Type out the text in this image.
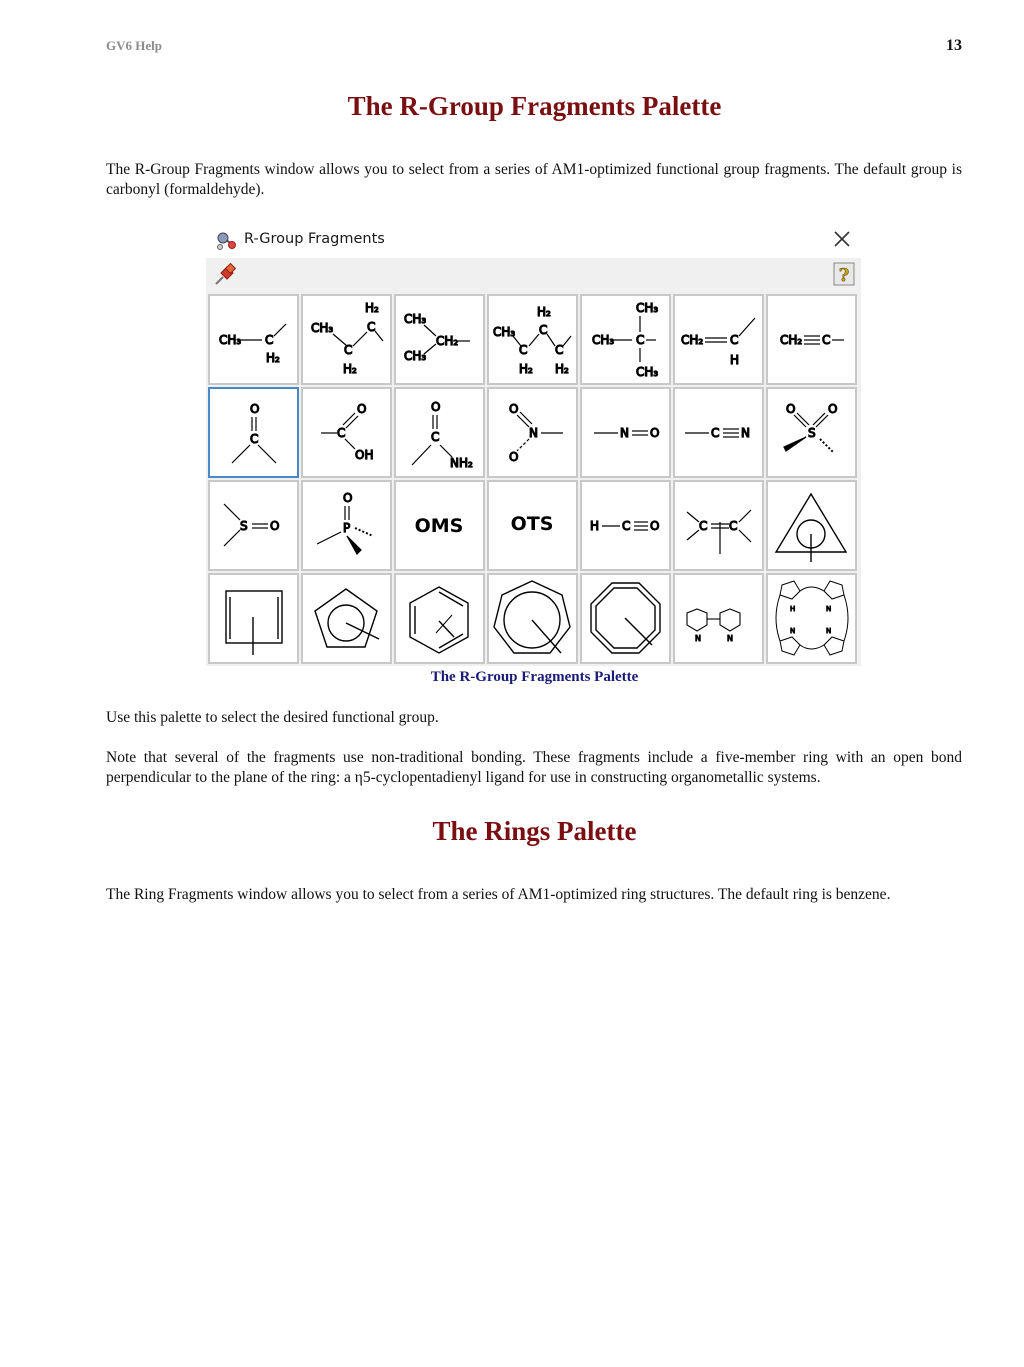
GV6 Help	13
The R-Group Fragments Palette

The R-Group Fragments window allows you to select from a series of AM1-optimized functional group fragments. The default group is carbonyl (formaldehyde).

R-Group Fragments
?
CH₃ C
H₂
H₂
CH₃	C
C
H₂
CH₃
CH₂
CH₃
H₂
CH₃ C
C C
H₂ H₂
CH₃
CH₃ C
CH₃
CH₂ C
H
CH₂ C
O
C
O
C
OH
O
C
NH₂
O
N
O
N O	C N
O	O
S
S O
O
P	OMS OTS	H C O	C C
N	N
H	N
N	N
The R-Group Fragments Palette

Use this palette to select the desired functional group.

Note that several of the fragments use non-traditional bonding. These fragments include a five-member ring with an open bond perpendicular to the plane of the ring: a η5-cyclopentadienyl ligand for use in constructing organometallic systems.

The Rings Palette

The Ring Fragments window allows you to select from a series of AM1-optimized ring structures. The default ring is benzene.
